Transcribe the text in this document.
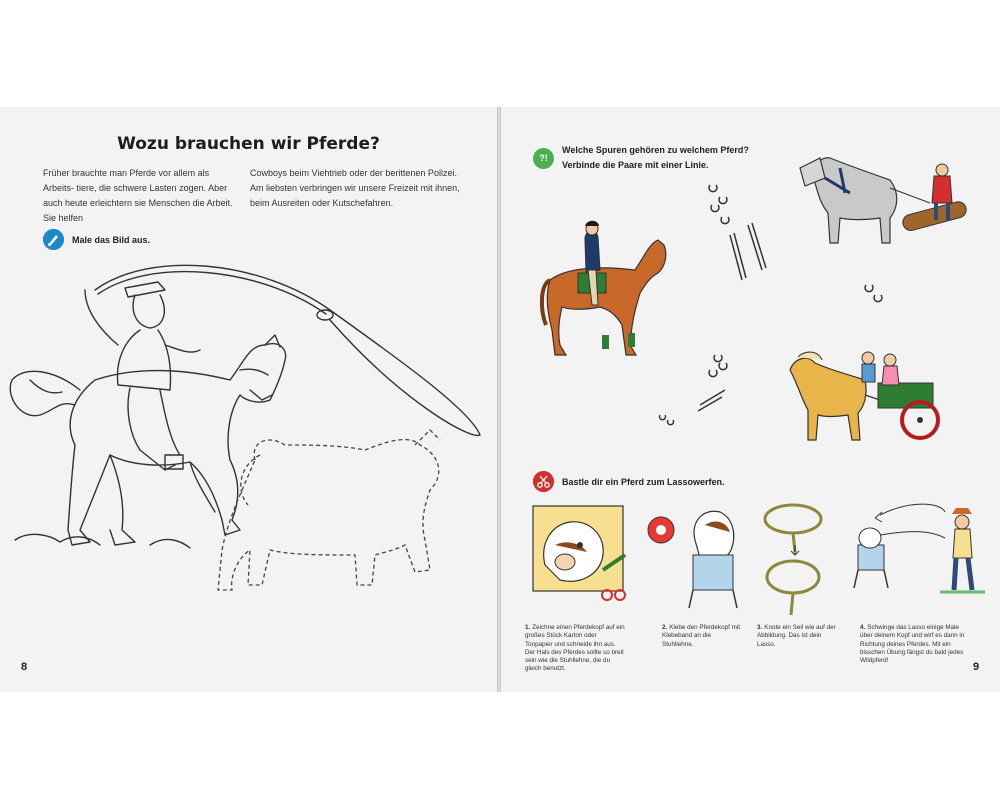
Wozu brauchen wir Pferde?
Früher brauchte man Pferde vor allem als Arbeits- tiere, die schwere Lasten zogen. Aber auch heute erleichtern sie Menschen die Arbeit. Sie helfen
Cowboys beim Viehtrieb oder der berittenen Polizei. Am liebsten verbringen wir unsere Freizeit mit ihnen, beim Ausreiten oder Kutschefahren.
Male das Bild aus.
8
?!
Welche Spuren gehören zu welchem Pferd?
Verbinde die Paare mit einer Linie.
Bastle dir ein Pferd zum Lassowerfen.
1. Zeichne einen Pferdekopf auf ein großes Stück Karton oder Tonpapier und schneide ihn aus. Der Hals des Pferdes sollte so breit sein wie die Stuhllehne, die du gleich benutzt.
2. Klebe den Pferdekopf mit Klebeband an die Stuhllehne.
3. Knote ein Seil wie auf der Abbildung. Das ist dein Lasso.
4. Schwinge das Lasso einige Male über deinem Kopf und wirf es dann in Richtung deines Pferdes. Mit ein bisschen Übung fängst du bald jedes Wildpferd!
9
